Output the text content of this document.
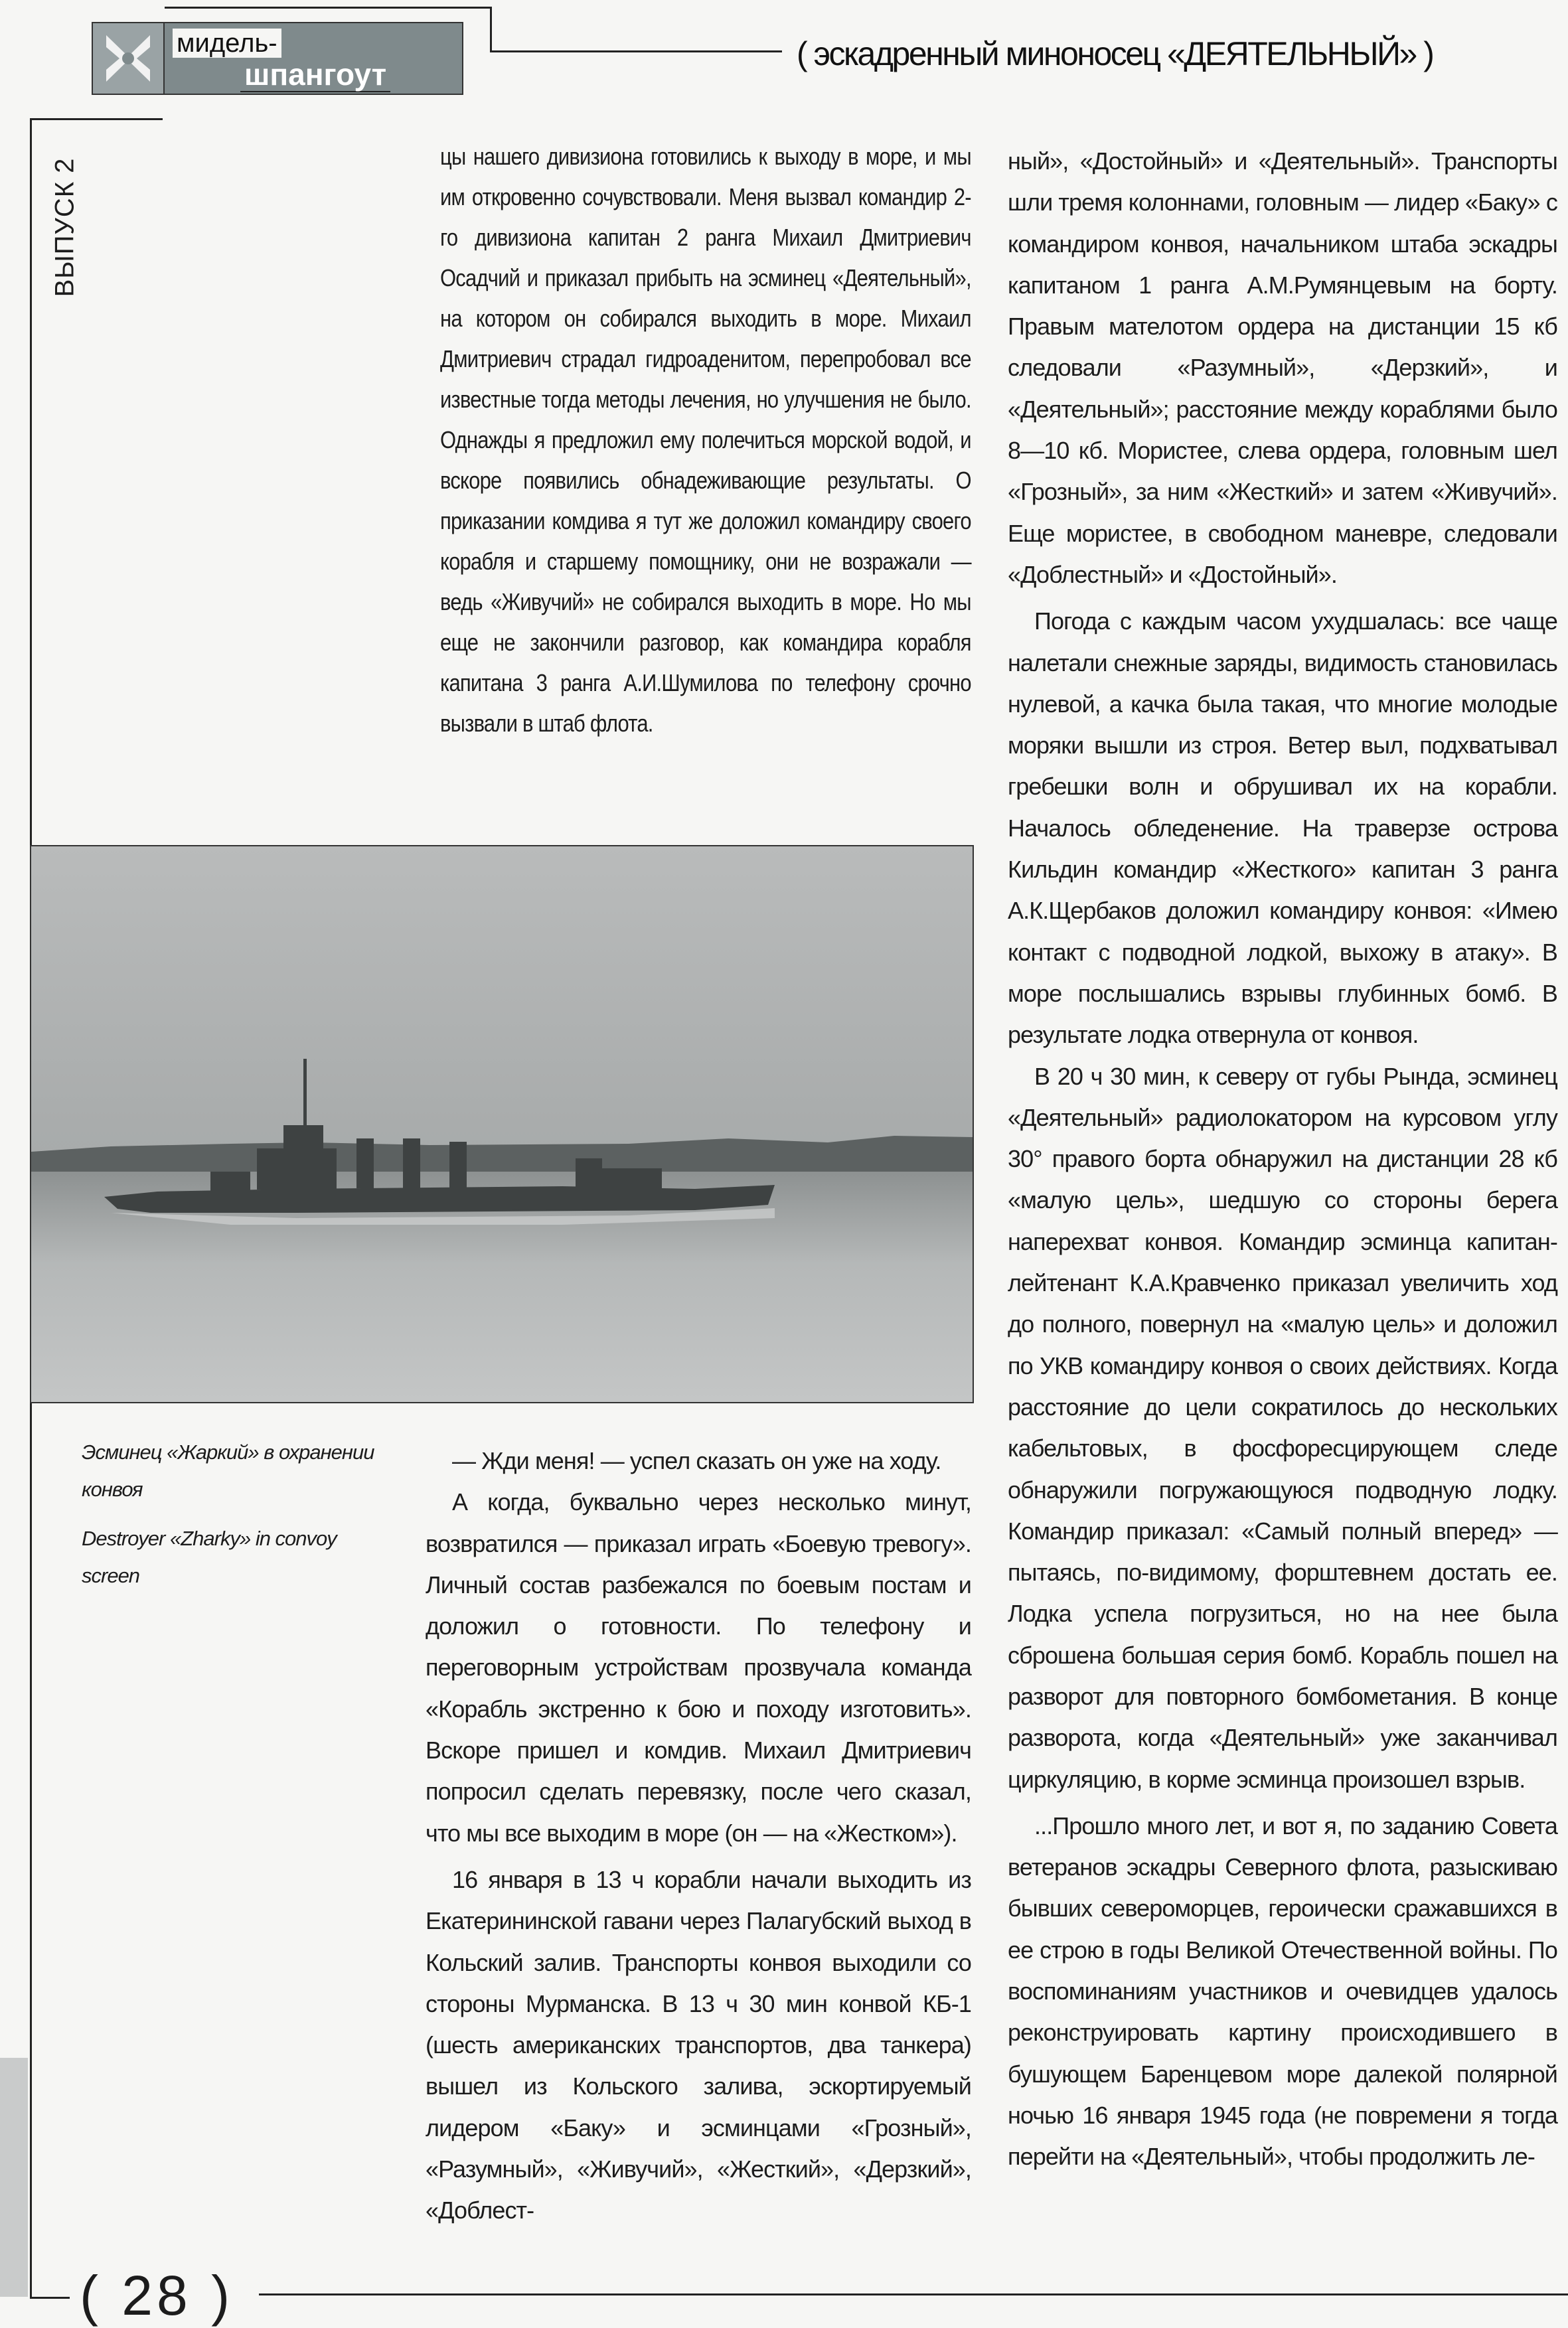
мидель-
шпангоут
( эскадренный миноносец «ДЕЯТЕЛЬНЫЙ» )
ВЫПУСК 2

цы нашего дивизиона готовились к выходу в море, и мы им откровенно сочувствовали. Меня вызвал командир 2-го дивизиона капитан 2 ранга Михаил Дмитриевич Осадчий и приказал прибыть на эсминец «Деятельный», на котором он собирался выходить в море. Михаил Дмитриевич страдал гидроаденитом, перепробовал все известные тогда методы лечения, но улучшения не было. Однажды я предложил ему полечиться морской водой, и вскоре появились обнадеживающие результаты. О приказании комдива я тут же доложил командиру своего корабля и старшему помощнику, они не возражали — ведь «Живучий» не собирался выходить в море. Но мы еще не закончили разговор, как командира корабля капитана 3 ранга А.И.Шумилова по телефону срочно вызвали в штаб флота.

Эсминец «Жаркий» в охранении конвоя
Destroyer «Zharky» in convoy screen

— Жди меня! — успел сказать он уже на ходу.

А когда, буквально через несколько минут, возвратился — приказал играть «Боевую тревогу». Личный состав разбежался по боевым постам и доложил о готовности. По телефону и переговорным устройствам прозвучала команда «Корабль экстренно к бою и походу изготовить». Вскоре пришел и комдив. Михаил Дмитриевич попросил сделать перевязку, после чего сказал, что мы все выходим в море (он — на «Жестком»).

16 января в 13 ч корабли начали выходить из Екатерининской гавани через Палагубский выход в Кольский залив. Транспорты конвоя выходили со стороны Мурманска. В 13 ч 30 мин конвой КБ-1 (шесть американских транспортов, два танкера) вышел из Кольского залива, эскортируемый лидером «Баку» и эсминцами «Грозный», «Разумный», «Живучий», «Жесткий», «Дерзкий», «Доблест-

ный», «Достойный» и «Деятельный». Транспорты шли тремя колоннами, головным — лидер «Баку» с командиром конвоя, начальником штаба эскадры капитаном 1 ранга А.М.Румянцевым на борту. Правым мателотом ордера на дистанции 15 кб следовали «Разумный», «Дерзкий», и «Деятельный»; расстояние между кораблями было 8—10 кб. Мористее, слева ордера, головным шел «Грозный», за ним «Жесткий» и затем «Живучий». Еще мористее, в свободном маневре, следовали «Доблестный» и «Достойный».

Погода с каждым часом ухудшалась: все чаще налетали снежные заряды, видимость становилась нулевой, а качка была такая, что многие молодые моряки вышли из строя. Ветер выл, подхватывал гребешки волн и обрушивал их на корабли. Началось обледенение. На траверзе острова Кильдин командир «Жесткого» капитан 3 ранга А.К.Щербаков доложил командиру конвоя: «Имею контакт с подводной лодкой, выхожу в атаку». В море послышались взрывы глубинных бомб. В результате лодка отвернула от конвоя.

В 20 ч 30 мин, к северу от губы Рында, эсминец «Деятельный» радиолокатором на курсовом углу 30° правого борта обнаружил на дистанции 28 кб «малую цель», шедшую со стороны берега наперехват конвоя. Командир эсминца капитан-лейтенант К.А.Кравченко приказал увеличить ход до полного, повернул на «малую цель» и доложил по УКВ командиру конвоя о своих действиях. Когда расстояние до цели сократилось до нескольких кабельтовых, в фосфоресцирующем следе обнаружили погружающуюся подводную лодку. Командир приказал: «Самый полный вперед» — пытаясь, по-видимому, форштевнем достать ее. Лодка успела погрузиться, но на нее была сброшена большая серия бомб. Корабль пошел на разворот для повторного бомбометания. В конце разворота, когда «Деятельный» уже заканчивал циркуляцию, в корме эсминца произошел взрыв.

...Прошло много лет, и вот я, по заданию Совета ветеранов эскадры Северного флота, разыскиваю бывших североморцев, героически сражавшихся в ее строю в годы Великой Отечественной войны. По воспоминаниям участников и очевидцев удалось реконструировать картину происходившего в бушующем Баренцевом море далекой полярной ночью 16 января 1945 года (не повремени я тогда перейти на «Деятельный», чтобы продолжить ле-

( 28 )
